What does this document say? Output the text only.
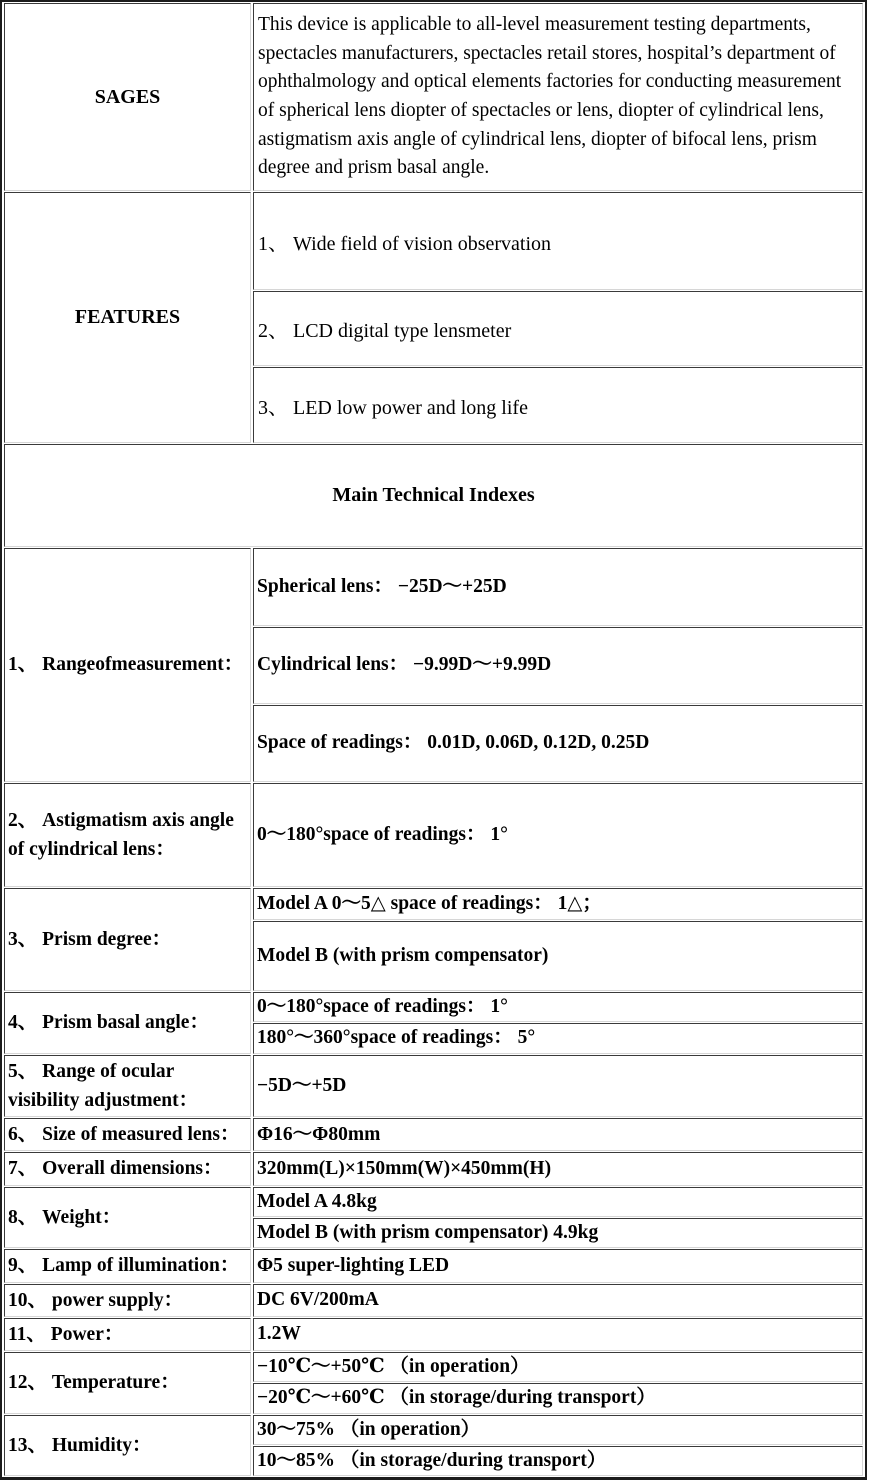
SAGES	This device is applicable to all-level measurement testing departments, spectacles manufacturers, spectacles retail stores, hospital’s department of ophthalmology and optical elements factories for conducting measurement of spherical lens diopter of spectacles or lens, diopter of cylindrical lens, astigmatism axis angle of cylindrical lens, diopter of bifocal lens, prism degree and prism basal angle.
FEATURES	1、 Wide field of vision observation
	2、 LCD digital type lensmeter
	3、 LED low power and long life
Main Technical Indexes	
1、 Rangeofmeasurement：	Spherical lens： −25D～+25D
	Cylindrical lens： −9.99D～+9.99D
	Space of readings： 0.01D, 0.06D, 0.12D, 0.25D
2、 Astigmatism axis angle of cylindrical lens：	0～180°space of readings： 1°
3、 Prism degree：	Model A 0～5△ space of readings： 1△；
	Model B (with prism compensator)
4、 Prism basal angle：	0～180°space of readings： 1°
	180°～360°space of readings： 5°
5、 Range of ocular visibility adjustment：	−5D～+5D
6、 Size of measured lens：	Φ16～Φ80mm
7、 Overall dimensions：	320mm(L)×150mm(W)×450mm(H)
8、 Weight：	Model A 4.8kg
	Model B (with prism compensator) 4.9kg
9、 Lamp of illumination：	Φ5 super-lighting LED
10、 power supply：	DC 6V/200mA
11、 Power：	1.2W
12、 Temperature：	−10℃～+50℃ （in operation）
	−20℃～+60℃ （in storage/during transport）
13、 Humidity：	30～75% （in operation）
	10～85% （in storage/during transport）
